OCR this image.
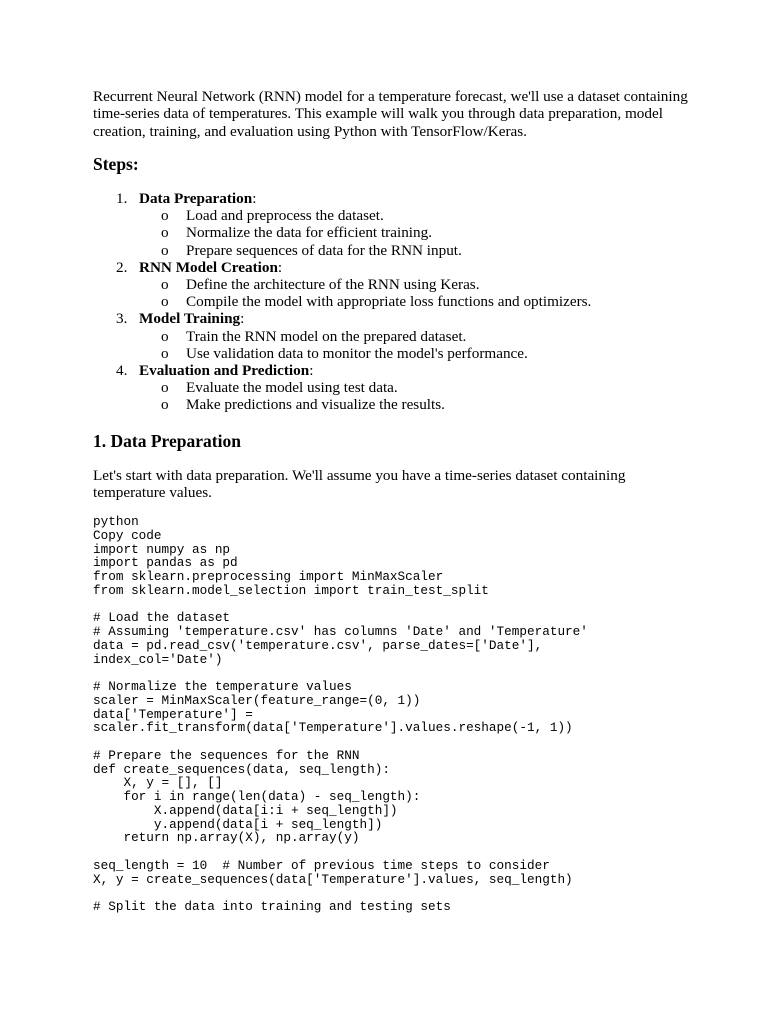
Recurrent Neural Network (RNN) model for a temperature forecast, we'll use a dataset containing time-series data of temperatures. This example will walk you through data preparation, model creation, training, and evaluation using Python with TensorFlow/Keras.

Steps:
1. Data Preparation:
o Load and preprocess the dataset.
o Normalize the data for efficient training.
o Prepare sequences of data for the RNN input.
2. RNN Model Creation:
o Define the architecture of the RNN using Keras.
o Compile the model with appropriate loss functions and optimizers.
3. Model Training:
o Train the RNN model on the prepared dataset.
o Use validation data to monitor the model's performance.
4. Evaluation and Prediction:
o Evaluate the model using test data.
o Make predictions and visualize the results.
1. Data Preparation

Let's start with data preparation. We'll assume you have a time-series dataset containing temperature values.

python
Copy code
import numpy as np
import pandas as pd
from sklearn.preprocessing import MinMaxScaler
from sklearn.model_selection import train_test_split
# Load the dataset
# Assuming 'temperature.csv' has columns 'Date' and 'Temperature'
data = pd.read_csv('temperature.csv', parse_dates=['Date'],
index_col='Date')
# Normalize the temperature values
scaler = MinMaxScaler(feature_range=(0, 1))
data['Temperature'] =
scaler.fit_transform(data['Temperature'].values.reshape(-1, 1))
# Prepare the sequences for the RNN
def create_sequences(data, seq_length):
X, y = [], []
for i in range(len(data) - seq_length):
X.append(data[i:i + seq_length])
y.append(data[i + seq_length])
return np.array(X), np.array(y)
seq_length = 10  # Number of previous time steps to consider
X, y = create_sequences(data['Temperature'].values, seq_length)
# Split the data into training and testing sets
